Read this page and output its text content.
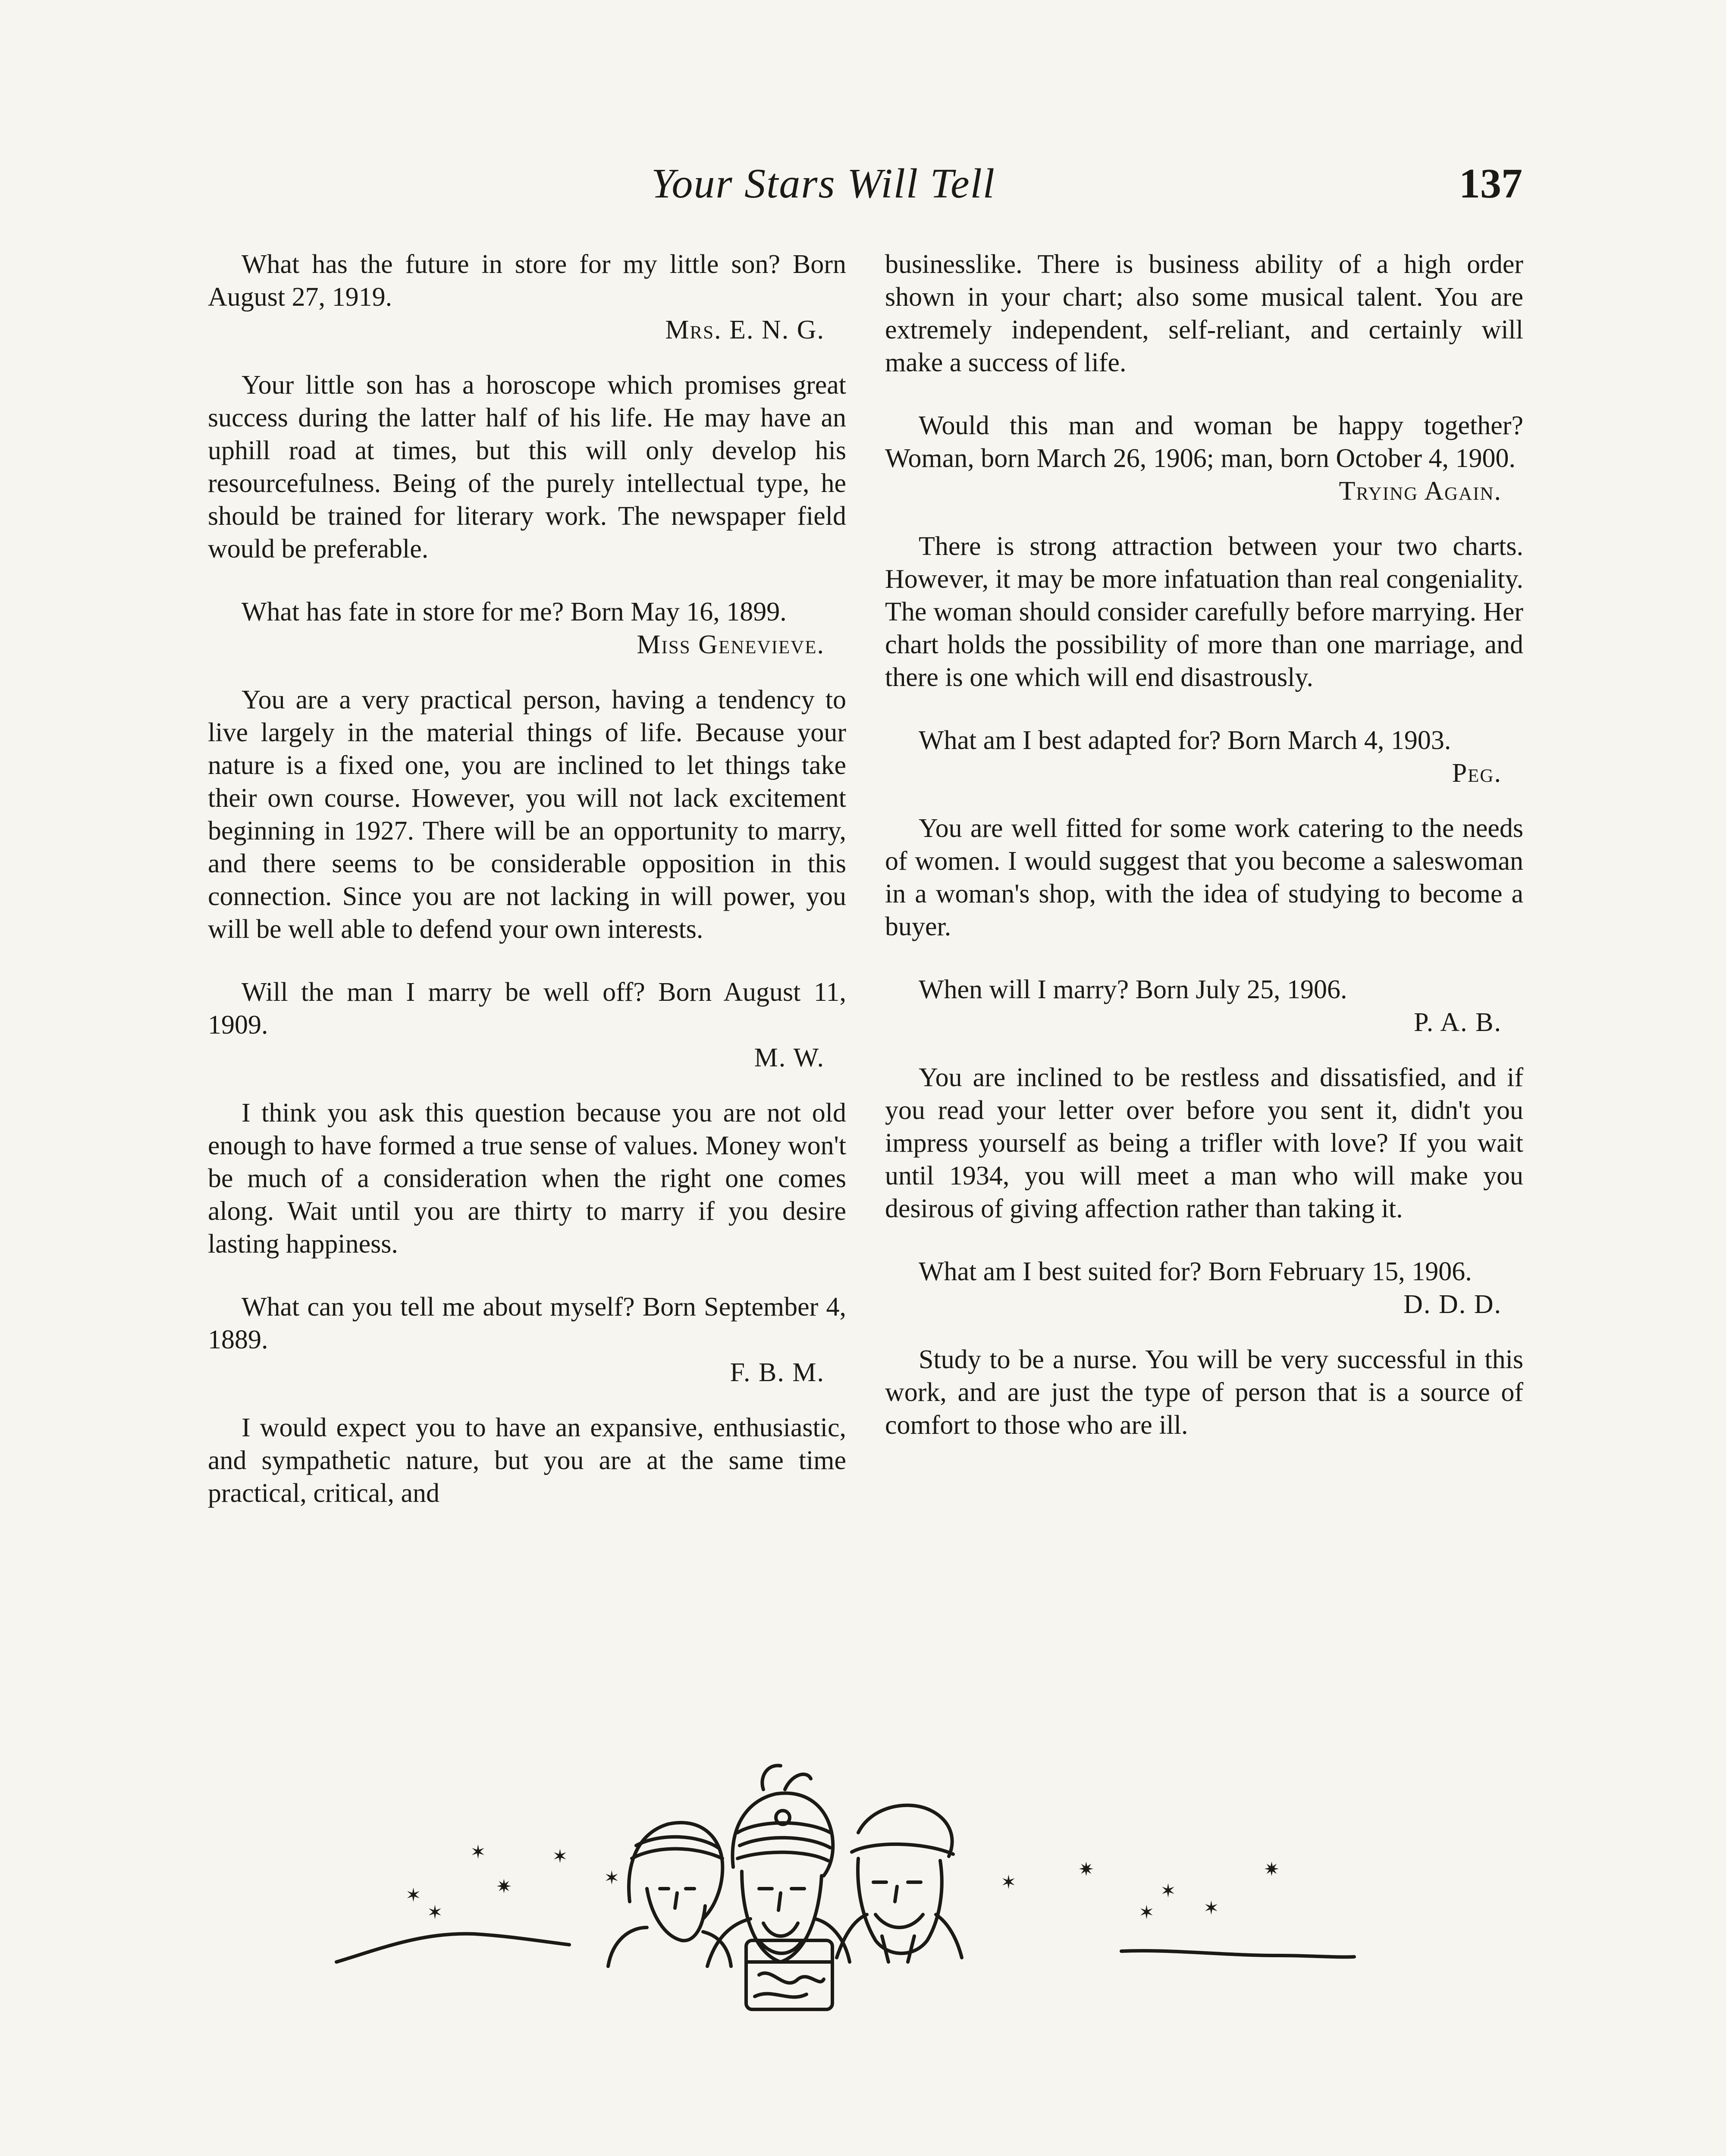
Your Stars Will Tell	137

What has the future in store for my little son? Born August 27, 1919.

Mrs. E. N. G.

Your little son has a horoscope which promises great success during the latter half of his life. He may have an uphill road at times, but this will only develop his resourcefulness. Being of the purely intellectual type, he should be trained for literary work. The newspaper field would be preferable.

What has fate in store for me? Born May 16, 1899.

Miss Genevieve.

You are a very practical person, having a tendency to live largely in the material things of life. Because your nature is a fixed one, you are inclined to let things take their own course. However, you will not lack excitement beginning in 1927. There will be an opportunity to marry, and there seems to be considerable opposition in this connection. Since you are not lacking in will power, you will be well able to defend your own interests.

Will the man I marry be well off? Born August 11, 1909.

M. W.

I think you ask this question because you are not old enough to have formed a true sense of values. Money won't be much of a consideration when the right one comes along. Wait until you are thirty to marry if you desire lasting happiness.

What can you tell me about myself? Born September 4, 1889.

F. B. M.

I would expect you to have an expansive, enthusiastic, and sympathetic nature, but you are at the same time practical, critical, and

businesslike. There is business ability of a high order shown in your chart; also some musical talent. You are extremely independent, self-reliant, and certainly will make a success of life.

Would this man and woman be happy together? Woman, born March 26, 1906; man, born October 4, 1900.

Trying Again.

There is strong attraction between your two charts. However, it may be more infatuation than real congeniality. The woman should consider carefully before marrying. Her chart holds the possibility of more than one marriage, and there is one which will end disastrously.

What am I best adapted for? Born March 4, 1903.

Peg.

You are well fitted for some work catering to the needs of women. I would suggest that you become a saleswoman in a woman's shop, with the idea of studying to become a buyer.

When will I marry? Born July 25, 1906.

P. A. B.

You are inclined to be restless and dissatisfied, and if you read your letter over before you sent it, didn't you impress yourself as being a trifler with love? If you wait until 1934, you will meet a man who will make you desirous of giving affection rather than taking it.

What am I best suited for? Born February 15, 1906.

D. D. D.

Study to be a nurse. You will be very successful in this work, and are just the type of person that is a source of comfort to those who are ill.

✶
✶
✶
✷
✶
✶	✶
✷
✶
✶
✶
✷
